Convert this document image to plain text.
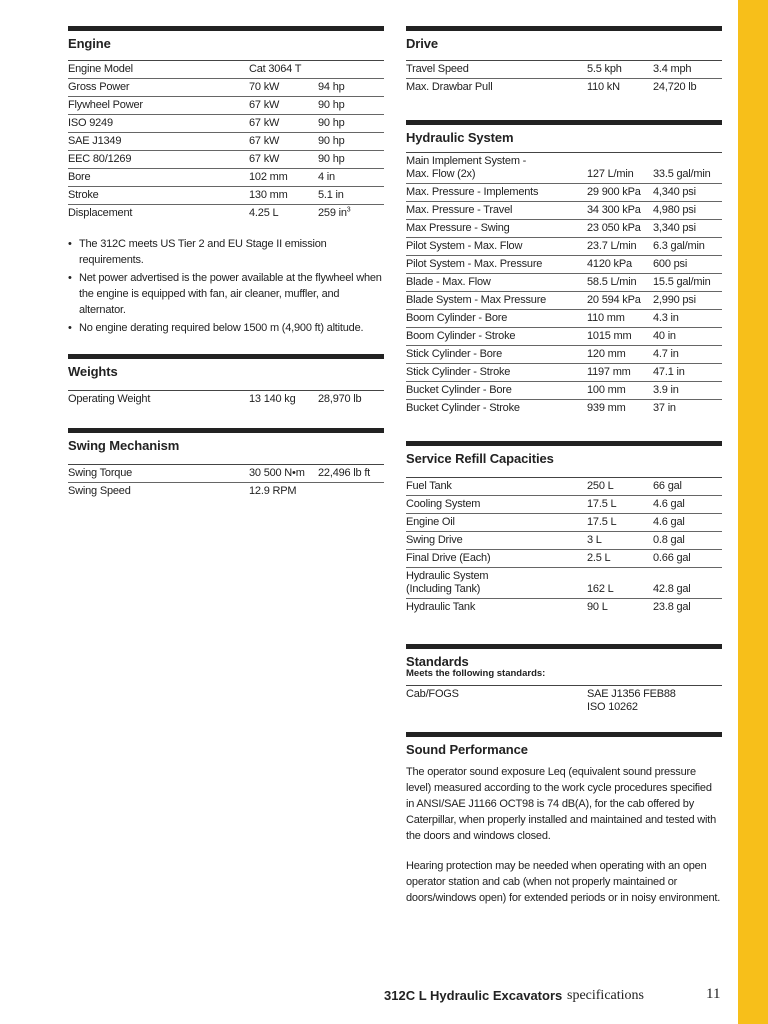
Engine
Engine Model	Cat 3064 T
Gross Power	70 kW	94 hp
Flywheel Power	67 kW	90 hp
ISO 9249	67 kW	90 hp
SAE J1349	67 kW	90 hp
EEC 80/1269	67 kW	90 hp
Bore	102 mm	4 in
Stroke	130 mm	5.1 in
Displacement	4.25 L	259 $in^3$
• The 312C meets US Tier 2 and EU Stage II emission requirements.
• Net power advertised is the power available at the flywheel when the engine is equipped with fan, air cleaner, muffler, and alternator.
• No engine derating required below 1500 m (4,900 ft) altitude.
Weights
Operating Weight	13 140 kg	28,970 lb
Swing Mechanism
Swing Torque	30 500 N•m	22,496 lb ft
Swing Speed	12.9 RPM
Drive
Travel Speed	5.5 kph	3.4 mph
Max. Drawbar Pull	110 kN	24,720 lb
Hydraulic System
Main Implement System -
Max. Flow (2x)	127 L/min	33.5 gal/min
Max. Pressure - Implements	29 900 kPa	4,340 psi
Max. Pressure - Travel	34 300 kPa	4,980 psi
Max Pressure - Swing	23 050 kPa	3,340 psi
Pilot System - Max. Flow	23.7 L/min	6.3 gal/min
Pilot System - Max. Pressure	4120 kPa	600 psi
Blade - Max. Flow	58.5 L/min	15.5 gal/min
Blade System - Max Pressure	20 594 kPa	2,990 psi
Boom Cylinder - Bore	110 mm	4.3 in
Boom Cylinder - Stroke	1015 mm	40 in
Stick Cylinder - Bore	120 mm	4.7 in
Stick Cylinder - Stroke	1197 mm	47.1 in
Bucket Cylinder - Bore	100 mm	3.9 in
Bucket Cylinder - Stroke	939 mm	37 in
Service Refill Capacities
Fuel Tank	250 L	66 gal
Cooling System	17.5 L	4.6 gal
Engine Oil	17.5 L	4.6 gal
Swing Drive	3 L	0.8 gal
Final Drive (Each)	2.5 L	0.66 gal
Hydraulic System
(Including Tank)	162 L	42.8 gal
Hydraulic Tank	90 L	23.8 gal
Standards
Meets the following standards:
Cab/FOGS	SAE J1356 FEB88
ISO 10262
Sound Performance

The operator sound exposure Leq (equivalent sound pressure level) measured according to the work cycle procedures specified in ANSI/SAE J1166 OCT98 is 74 dB(A), for the cab offered by Caterpillar, when properly installed and maintained and tested with the doors and windows closed.

Hearing protection may be needed when operating with an open operator station and cab (when not properly maintained or doors/windows open) for extended periods or in noisy environment.

312C L Hydraulic Excavators specifications	11
